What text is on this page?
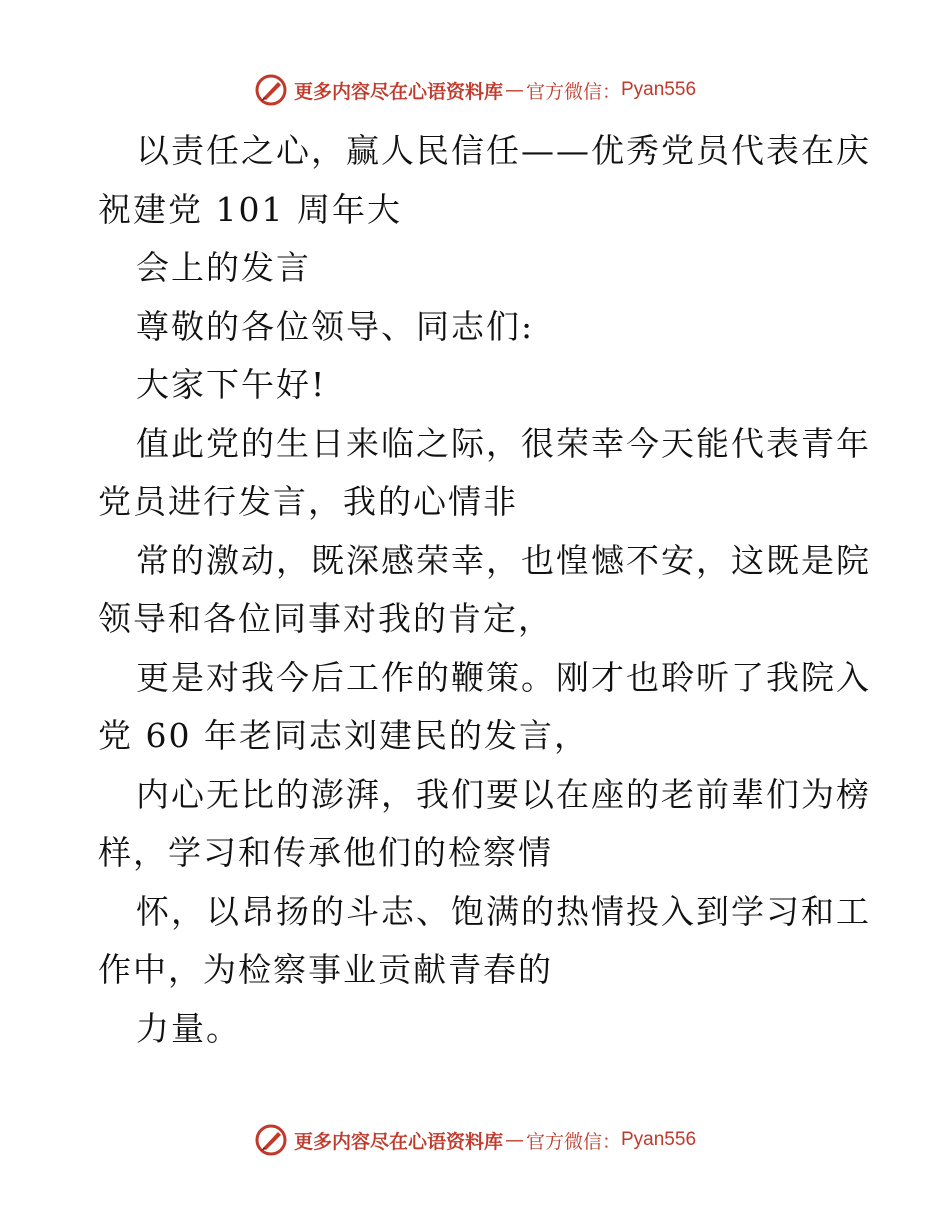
更多内容尽在心语资料库 — 官方微信： Pyan556

以责任之心，赢人民信任——优秀党员代表在庆

祝建党 101 周年大

会上的发言

尊敬的各位领导、同志们:

大家下午好!

值此党的生日来临之际，很荣幸今天能代表青年

党员进行发言，我的心情非

常的激动，既深感荣幸，也惶憾不安，这既是院

领导和各位同事对我的肯定，

更是对我今后工作的鞭策。刚才也聆听了我院入

党 60 年老同志刘建民的发言，

内心无比的澎湃，我们要以在座的老前辈们为榜

样，学习和传承他们的检察情

怀，以昂扬的斗志、饱满的热情投入到学习和工

作中，为检察事业贡献青春的

力量。

更多内容尽在心语资料库 — 官方微信： Pyan556
